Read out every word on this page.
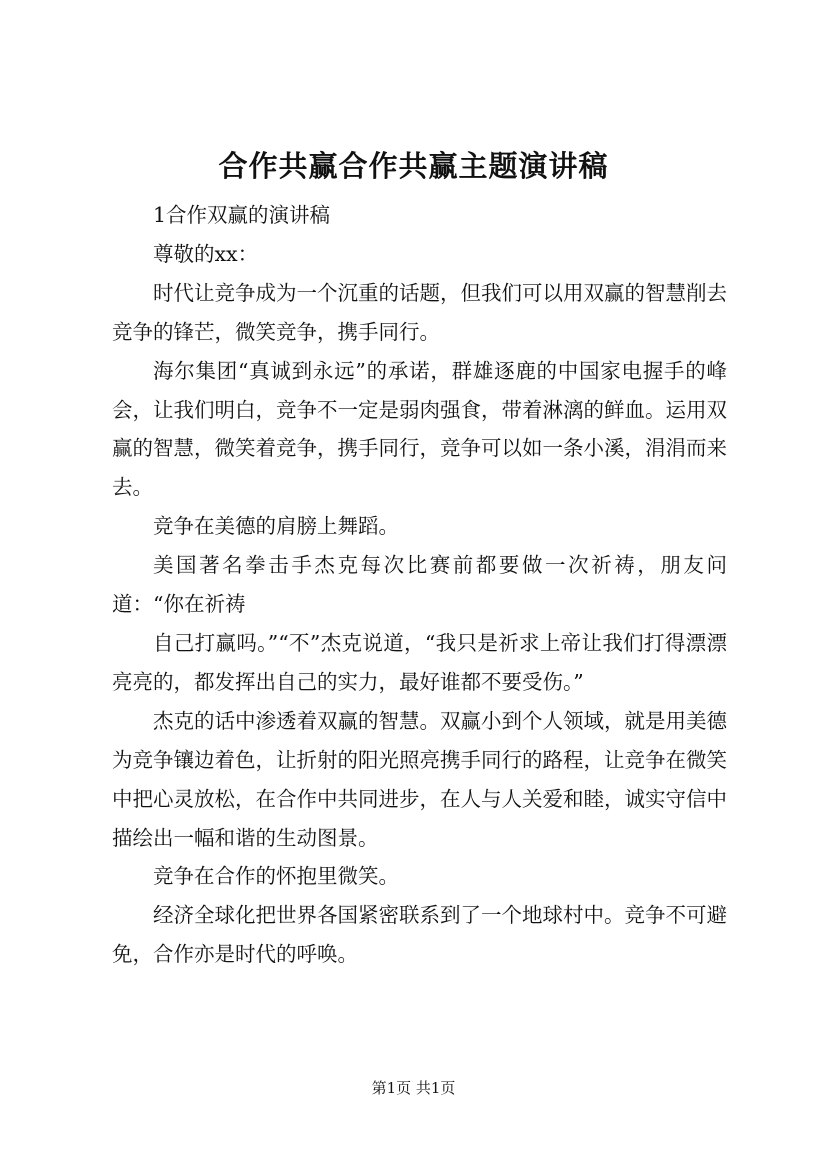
合作共赢合作共赢主题演讲稿

1合作双赢的演讲稿

尊敬的xx：

时代让竞争成为一个沉重的话题，但我们可以用双赢的智慧削去竞争的锋芒，微笑竞争，携手同行。

海尔集团“真诚到永远”的承诺，群雄逐鹿的中国家电握手的峰会，让我们明白，竞争不一定是弱肉强食，带着淋漓的鲜血。运用双赢的智慧，微笑着竞争，携手同行，竞争可以如一条小溪，涓涓而来去。

竞争在美德的肩膀上舞蹈。

美国著名拳击手杰克每次比赛前都要做一次祈祷，朋友问道：“你在祈祷

自己打赢吗。”“不”杰克说道，“我只是祈求上帝让我们打得漂漂亮亮的，都发挥出自己的实力，最好谁都不要受伤。”

杰克的话中渗透着双赢的智慧。双赢小到个人领域，就是用美德为竞争镶边着色，让折射的阳光照亮携手同行的路程，让竞争在微笑中把心灵放松，在合作中共同进步，在人与人关爱和睦，诚实守信中描绘出一幅和谐的生动图景。

竞争在合作的怀抱里微笑。

经济全球化把世界各国紧密联系到了一个地球村中。竞争不可避免，合作亦是时代的呼唤。

第1页 共1页
